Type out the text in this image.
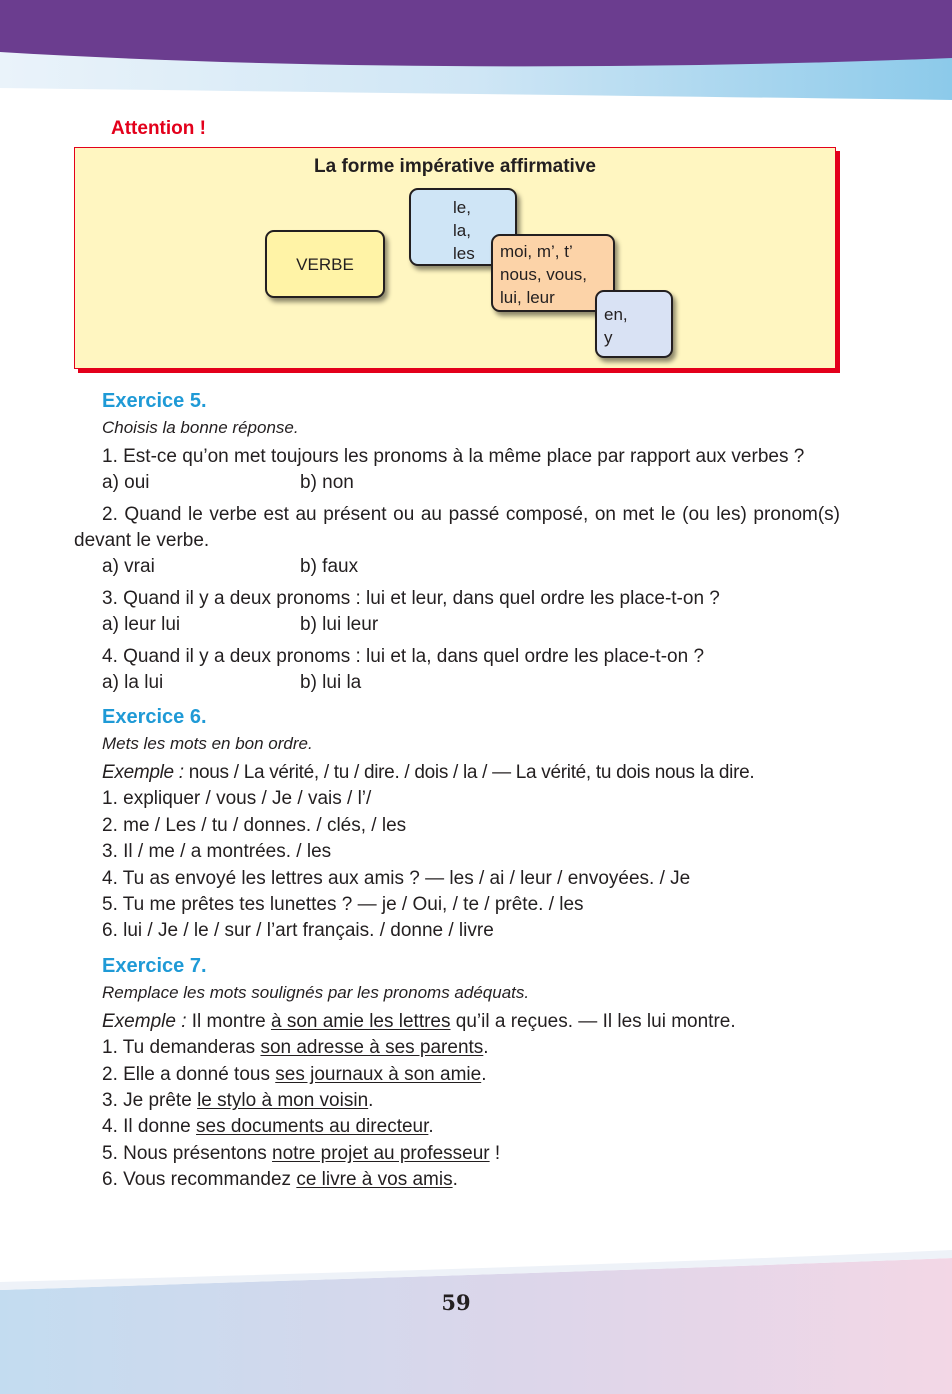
Attention !
La forme impérative affirmative
VERBE
le,
la,
les	moi, m’, t’
nous, vous,
lui, leur
en,
y
Exercice 5.
Choisis la bonne réponse.
1. Est-ce qu’on met toujours les pronoms à la même place par rapport aux verbes ?
a) oui	b) non
2. Quand le verbe est au présent ou au passé composé, on met le (ou les) pronom(s) devant le verbe.
a) vrai	b) faux
3. Quand il y a deux pronoms : lui et leur, dans quel ordre les place-t-on ?
a) leur lui	b) lui leur
4. Quand il y a deux pronoms : lui et la, dans quel ordre les place-t-on ?
a) la lui	b) lui la
Exercice 6.
Mets les mots en bon ordre.
Exemple : nous / La vérité, / tu / dire. / dois / la / — La vérité, tu dois nous la dire.
1. expliquer / vous / Je / vais / l’/
2. me / Les / tu / donnes. / clés, / les
3. Il / me / a montrées. / les
4. Tu as envoyé les lettres aux amis ? — les / ai / leur / envoyées. / Je
5. Tu me prêtes tes lunettes ? — je / Oui, / te / prête. / les
6. lui / Je / le / sur / l’art français. / donne / livre
Exercice 7.
Remplace les mots soulignés par les pronoms adéquats.
Exemple : Il montre à son amie les lettres qu’il a reçues. — Il les lui montre.
1. Tu demanderas son adresse à ses parents.
2. Elle a donné tous ses journaux à son amie.
3. Je prête le stylo à mon voisin.
4. Il donne ses documents au directeur.
5. Nous présentons notre projet au professeur !
6. Vous recommandez ce livre à vos amis.
59
